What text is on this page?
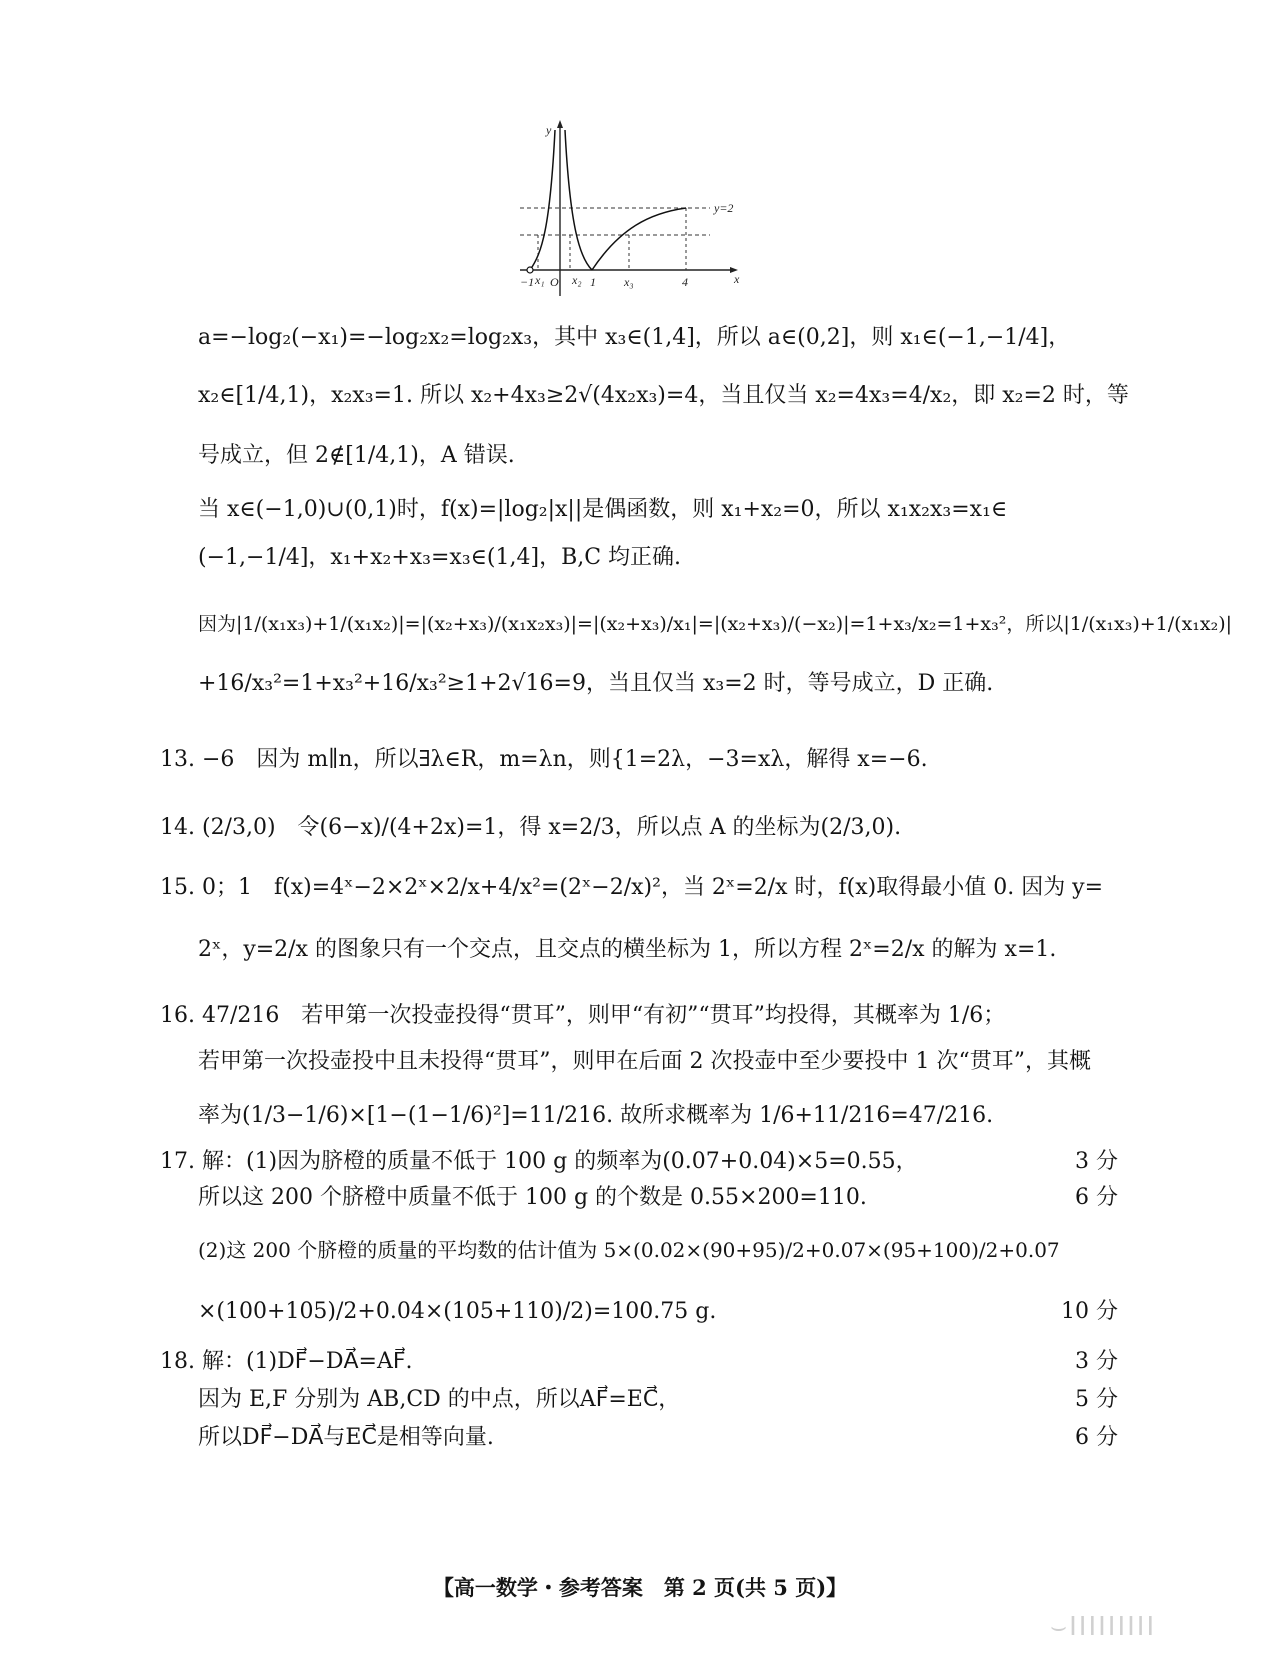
y
y=2
x
−1 x₁ O x₂ 1 x₃	4
a=−log₂(−x₁)=−log₂x₂=log₂x₃，其中 x₃∈(1,4]，所以 a∈(0,2]，则 x₁∈(−1,−1/4]，
x₂∈[1/4,1)，x₂x₃=1. 所以 x₂+4x₃≥2√(4x₂x₃)=4，当且仅当 x₂=4x₃=4/x₂，即 x₂=2 时，等
号成立，但 2∉[1/4,1)，A 错误.
当 x∈(−1,0)∪(0,1)时，f(x)=|log₂|x||是偶函数，则 x₁+x₂=0，所以 x₁x₂x₃=x₁∈
(−1,−1/4]，x₁+x₂+x₃=x₃∈(1,4]，B,C 均正确.
因为|1/(x₁x₃)+1/(x₁x₂)|=|(x₂+x₃)/(x₁x₂x₃)|=|(x₂+x₃)/x₁|=|(x₂+x₃)/(−x₂)|=1+x₃/x₂=1+x₃²，所以|1/(x₁x₃)+1/(x₁x₂)|
+16/x₃²=1+x₃²+16/x₃²≥1+2√16=9，当且仅当 x₃=2 时，等号成立，D 正确.
13. −6　因为 m∥n，所以∃λ∈R，m=λn，则{1=2λ，−3=xλ，解得 x=−6.
14. (2/3,0)　令(6−x)/(4+2x)=1，得 x=2/3，所以点 A 的坐标为(2/3,0).
15. 0；1　f(x)=4ˣ−2×2ˣ×2/x+4/x²=(2ˣ−2/x)²，当 2ˣ=2/x 时，f(x)取得最小值 0. 因为 y=
2ˣ，y=2/x 的图象只有一个交点，且交点的横坐标为 1，所以方程 2ˣ=2/x 的解为 x=1.
16. 47/216　若甲第一次投壶投得“贯耳”，则甲“有初”“贯耳”均投得，其概率为 1/6；
若甲第一次投壶投中且未投得“贯耳”，则甲在后面 2 次投壶中至少要投中 1 次“贯耳”，其概
率为(1/3−1/6)×[1−(1−1/6)²]=11/216. 故所求概率为 1/6+11/216=47/216.
17. 解：(1)因为脐橙的质量不低于 100 g 的频率为(0.07+0.04)×5=0.55，	3 分
所以这 200 个脐橙中质量不低于 100 g 的个数是 0.55×200=110.	6 分
(2)这 200 个脐橙的质量的平均数的估计值为 5×(0.02×(90+95)/2+0.07×(95+100)/2+0.07
×(100+105)/2+0.04×(105+110)/2)=100.75 g.	10 分
18. 解：(1)DF⃗−DA⃗=AF⃗.	3 分
因为 E,F 分别为 AB,CD 的中点，所以AF⃗=EC⃗，	5 分
所以DF⃗−DA⃗与EC⃗是相等向量.	6 分
【高一数学・参考答案　第 2 页(共 5 页)】
⌣IIIIIIIII
